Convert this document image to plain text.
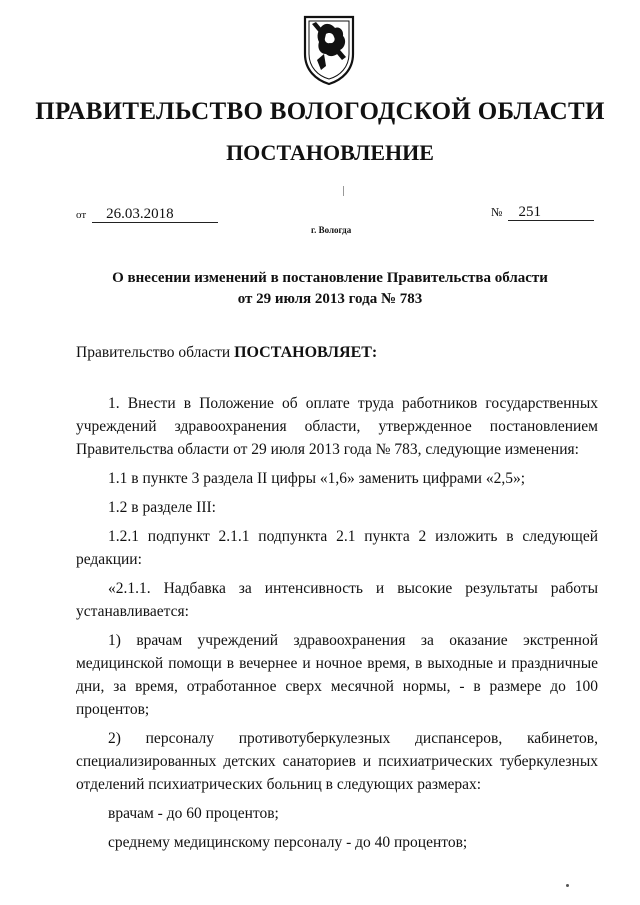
ПРАВИТЕЛЬСТВО ВОЛОГОДСКОЙ ОБЛАСТИ
ПОСТАНОВЛЕНИЕ
от 26.03.2018	№ 251
г. Вологда
О внесении изменений в постановление Правительства области
от 29 июля 2013 года № 783
Правительство области ПОСТАНОВЛЯЕТ:

1. Внести в Положение об оплате труда работников государственных учреждений здравоохранения области, утвержденное постановлением Правительства области от 29 июля 2013 года № 783, следующие изменения:

1.1 в пункте 3 раздела II цифры «1,6» заменить цифрами «2,5»;

1.2 в разделе III:

1.2.1 подпункт 2.1.1 подпункта 2.1 пункта 2 изложить в следующей редакции:

«2.1.1. Надбавка за интенсивность и высокие результаты работы устанавливается:

1) врачам учреждений здравоохранения за оказание экстренной медицинской помощи в вечернее и ночное время, в выходные и праздничные дни, за время, отработанное сверх месячной нормы, - в размере до 100 процентов;

2) персоналу противотуберкулезных диспансеров, кабинетов, специализированных детских санаториев и психиатрических туберкулезных отделений психиатрических больниц в следующих размерах:

врачам - до 60 процентов;

среднему медицинскому персоналу - до 40 процентов;
